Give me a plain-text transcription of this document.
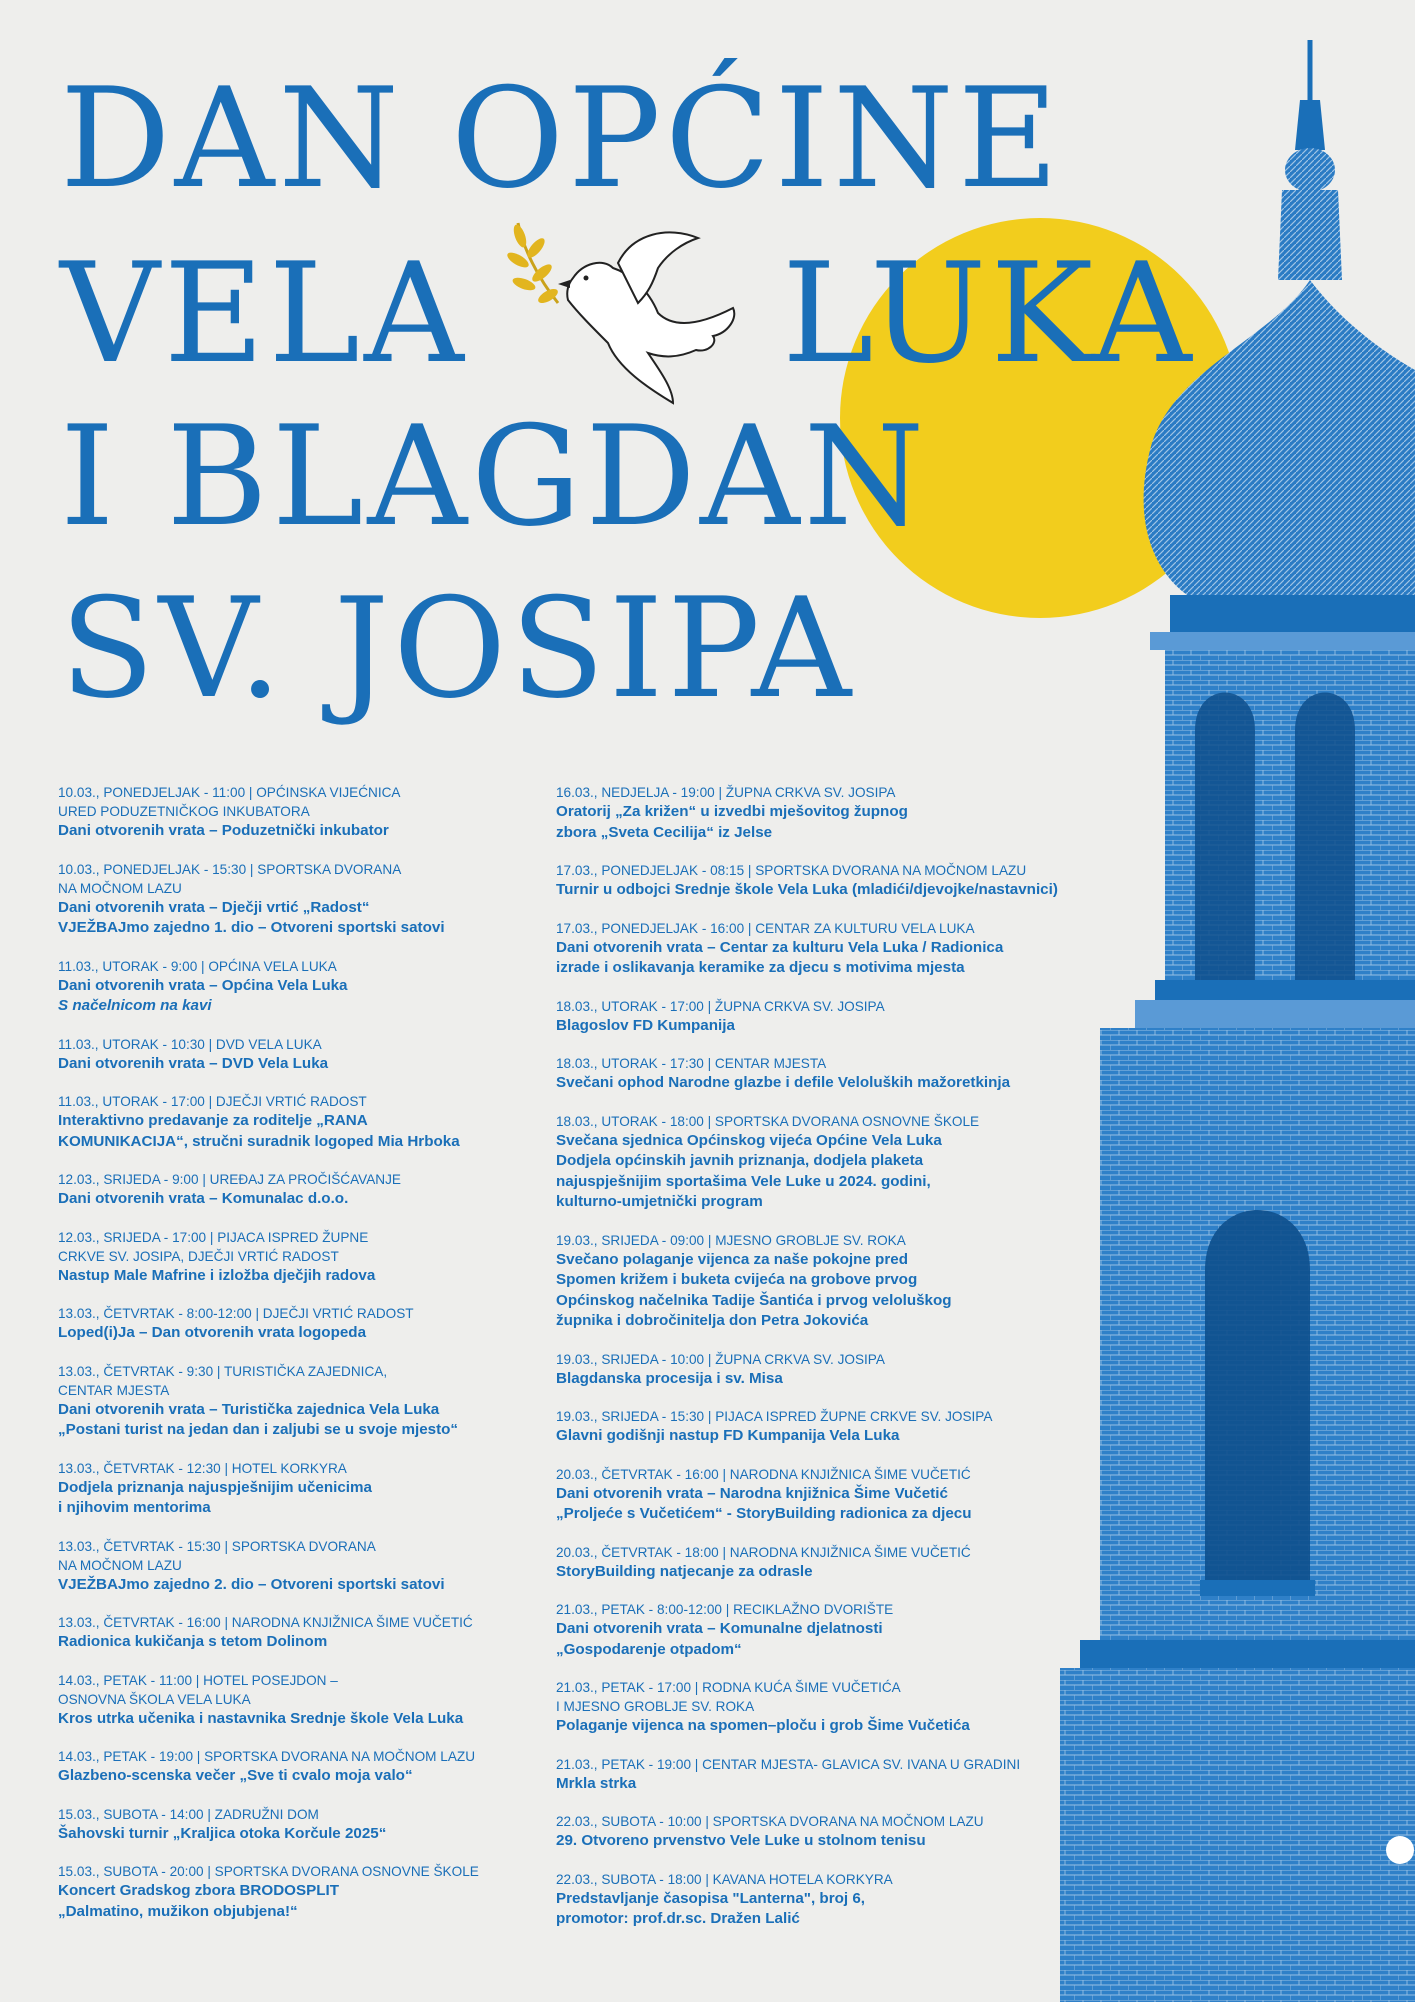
DAN OPĆINE
VELA LUKA
I BLAGDAN
SV. JOSIPA
10.03., PONEDJELJAK - 11:00 | OPĆINSKA VIJEĆNICA
URED PODUZETNIČKOG INKUBATORA
Dani otvorenih vrata – Poduzetnički inkubator
10.03., PONEDJELJAK - 15:30 | SPORTSKA DVORANA
NA MOČNOM LAZU
Dani otvorenih vrata – Dječji vrtić „Radost“
VJEŽBAJmo zajedno 1. dio – Otvoreni sportski satovi
11.03., UTORAK - 9:00 | OPĆINA VELA LUKA
Dani otvorenih vrata – Općina Vela Luka
S načelnicom na kavi
11.03., UTORAK - 10:30 | DVD VELA LUKA
Dani otvorenih vrata – DVD Vela Luka
11.03., UTORAK - 17:00 | DJEČJI VRTIĆ RADOST
Interaktivno predavanje za roditelje „RANA
KOMUNIKACIJA“, stručni suradnik logoped Mia Hrboka
12.03., SRIJEDA - 9:00 | UREĐAJ ZA PROČIŠĆAVANJE
Dani otvorenih vrata – Komunalac d.o.o.
12.03., SRIJEDA - 17:00 | PIJACA ISPRED ŽUPNE
CRKVE SV. JOSIPA, DJEČJI VRTIĆ RADOST
Nastup Male Mafrine i izložba dječjih radova
13.03., ČETVRTAK - 8:00-12:00 | DJEČJI VRTIĆ RADOST
Loped(i)Ja – Dan otvorenih vrata logopeda
13.03., ČETVRTAK - 9:30 | TURISTIČKA ZAJEDNICA,
CENTAR MJESTA
Dani otvorenih vrata – Turistička zajednica Vela Luka
„Postani turist na jedan dan i zaljubi se u svoje mjesto“
13.03., ČETVRTAK - 12:30 | HOTEL KORKYRA
Dodjela priznanja najuspješnijim učenicima
i njihovim mentorima
13.03., ČETVRTAK - 15:30 | SPORTSKA DVORANA
NA MOČNOM LAZU
VJEŽBAJmo zajedno 2. dio – Otvoreni sportski satovi
13.03., ČETVRTAK - 16:00 | NARODNA KNJIŽNICA ŠIME VUČETIĆ
Radionica kukičanja s tetom Dolinom
14.03., PETAK - 11:00 | HOTEL POSEJDON –
OSNOVNA ŠKOLA VELA LUKA
Kros utrka učenika i nastavnika Srednje škole Vela Luka
14.03., PETAK - 19:00 | SPORTSKA DVORANA NA MOČNOM LAZU
Glazbeno-scenska večer „Sve ti cvalo moja valo“
15.03., SUBOTA - 14:00 | ZADRUŽNI DOM
Šahovski turnir „Kraljica otoka Korčule 2025“
15.03., SUBOTA - 20:00 | SPORTSKA DVORANA OSNOVNE ŠKOLE
Koncert Gradskog zbora BRODOSPLIT
„Dalmatino, mužikon objubjena!“
16.03., NEDJELJA - 19:00 | ŽUPNA CRKVA SV. JOSIPA
Oratorij „Za križen“ u izvedbi mješovitog župnog
zbora „Sveta Cecilija“ iz Jelse
17.03., PONEDJELJAK - 08:15 | SPORTSKA DVORANA NA MOČNOM LAZU
Turnir u odbojci Srednje škole Vela Luka (mladići/djevojke/nastavnici)
17.03., PONEDJELJAK - 16:00 | CENTAR ZA KULTURU VELA LUKA
Dani otvorenih vrata – Centar za kulturu Vela Luka / Radionica
izrade i oslikavanja keramike za djecu s motivima mjesta
18.03., UTORAK - 17:00 | ŽUPNA CRKVA SV. JOSIPA
Blagoslov FD Kumpanija
18.03., UTORAK - 17:30 | CENTAR MJESTA
Svečani ophod Narodne glazbe i defile Veloluških mažoretkinja
18.03., UTORAK - 18:00 | SPORTSKA DVORANA OSNOVNE ŠKOLE
Svečana sjednica Općinskog vijeća Općine Vela Luka
Dodjela općinskih javnih priznanja, dodjela plaketa
najuspješnijim sportašima Vele Luke u 2024. godini,
kulturno-umjetnički program
19.03., SRIJEDA - 09:00 | MJESNO GROBLJE SV. ROKA
Svečano polaganje vijenca za naše pokojne pred
Spomen križem i buketa cvijeća na grobove prvog
Općinskog načelnika Tadije Šantića i prvog veloluškog
župnika i dobročinitelja don Petra Jokovića
19.03., SRIJEDA - 10:00 | ŽUPNA CRKVA SV. JOSIPA
Blagdanska procesija i sv. Misa
19.03., SRIJEDA - 15:30 | PIJACA ISPRED ŽUPNE CRKVE SV. JOSIPA
Glavni godišnji nastup FD Kumpanija Vela Luka
20.03., ČETVRTAK - 16:00 | NARODNA KNJIŽNICA ŠIME VUČETIĆ
Dani otvorenih vrata – Narodna knjižnica Šime Vučetić
„Proljeće s Vučetićem“ - StoryBuilding radionica za djecu
20.03., ČETVRTAK - 18:00 | NARODNA KNJIŽNICA ŠIME VUČETIĆ
StoryBuilding natjecanje za odrasle
21.03., PETAK - 8:00-12:00 | RECIKLAŽNO DVORIŠTE
Dani otvorenih vrata – Komunalne djelatnosti
„Gospodarenje otpadom“
21.03., PETAK - 17:00 | RODNA KUĆA ŠIME VUČETIĆA
I MJESNO GROBLJE SV. ROKA
Polaganje vijenca na spomen–ploču i grob Šime Vučetića
21.03., PETAK - 19:00 | CENTAR MJESTA- GLAVICA SV. IVANA U GRADINI
Mrkla strka
22.03., SUBOTA - 10:00 | SPORTSKA DVORANA NA MOČNOM LAZU
29. Otvoreno prvenstvo Vele Luke u stolnom tenisu
22.03., SUBOTA - 18:00 | KAVANA HOTELA KORKYRA
Predstavljanje časopisa "Lanterna", broj 6,
promotor: prof.dr.sc. Dražen Lalić
